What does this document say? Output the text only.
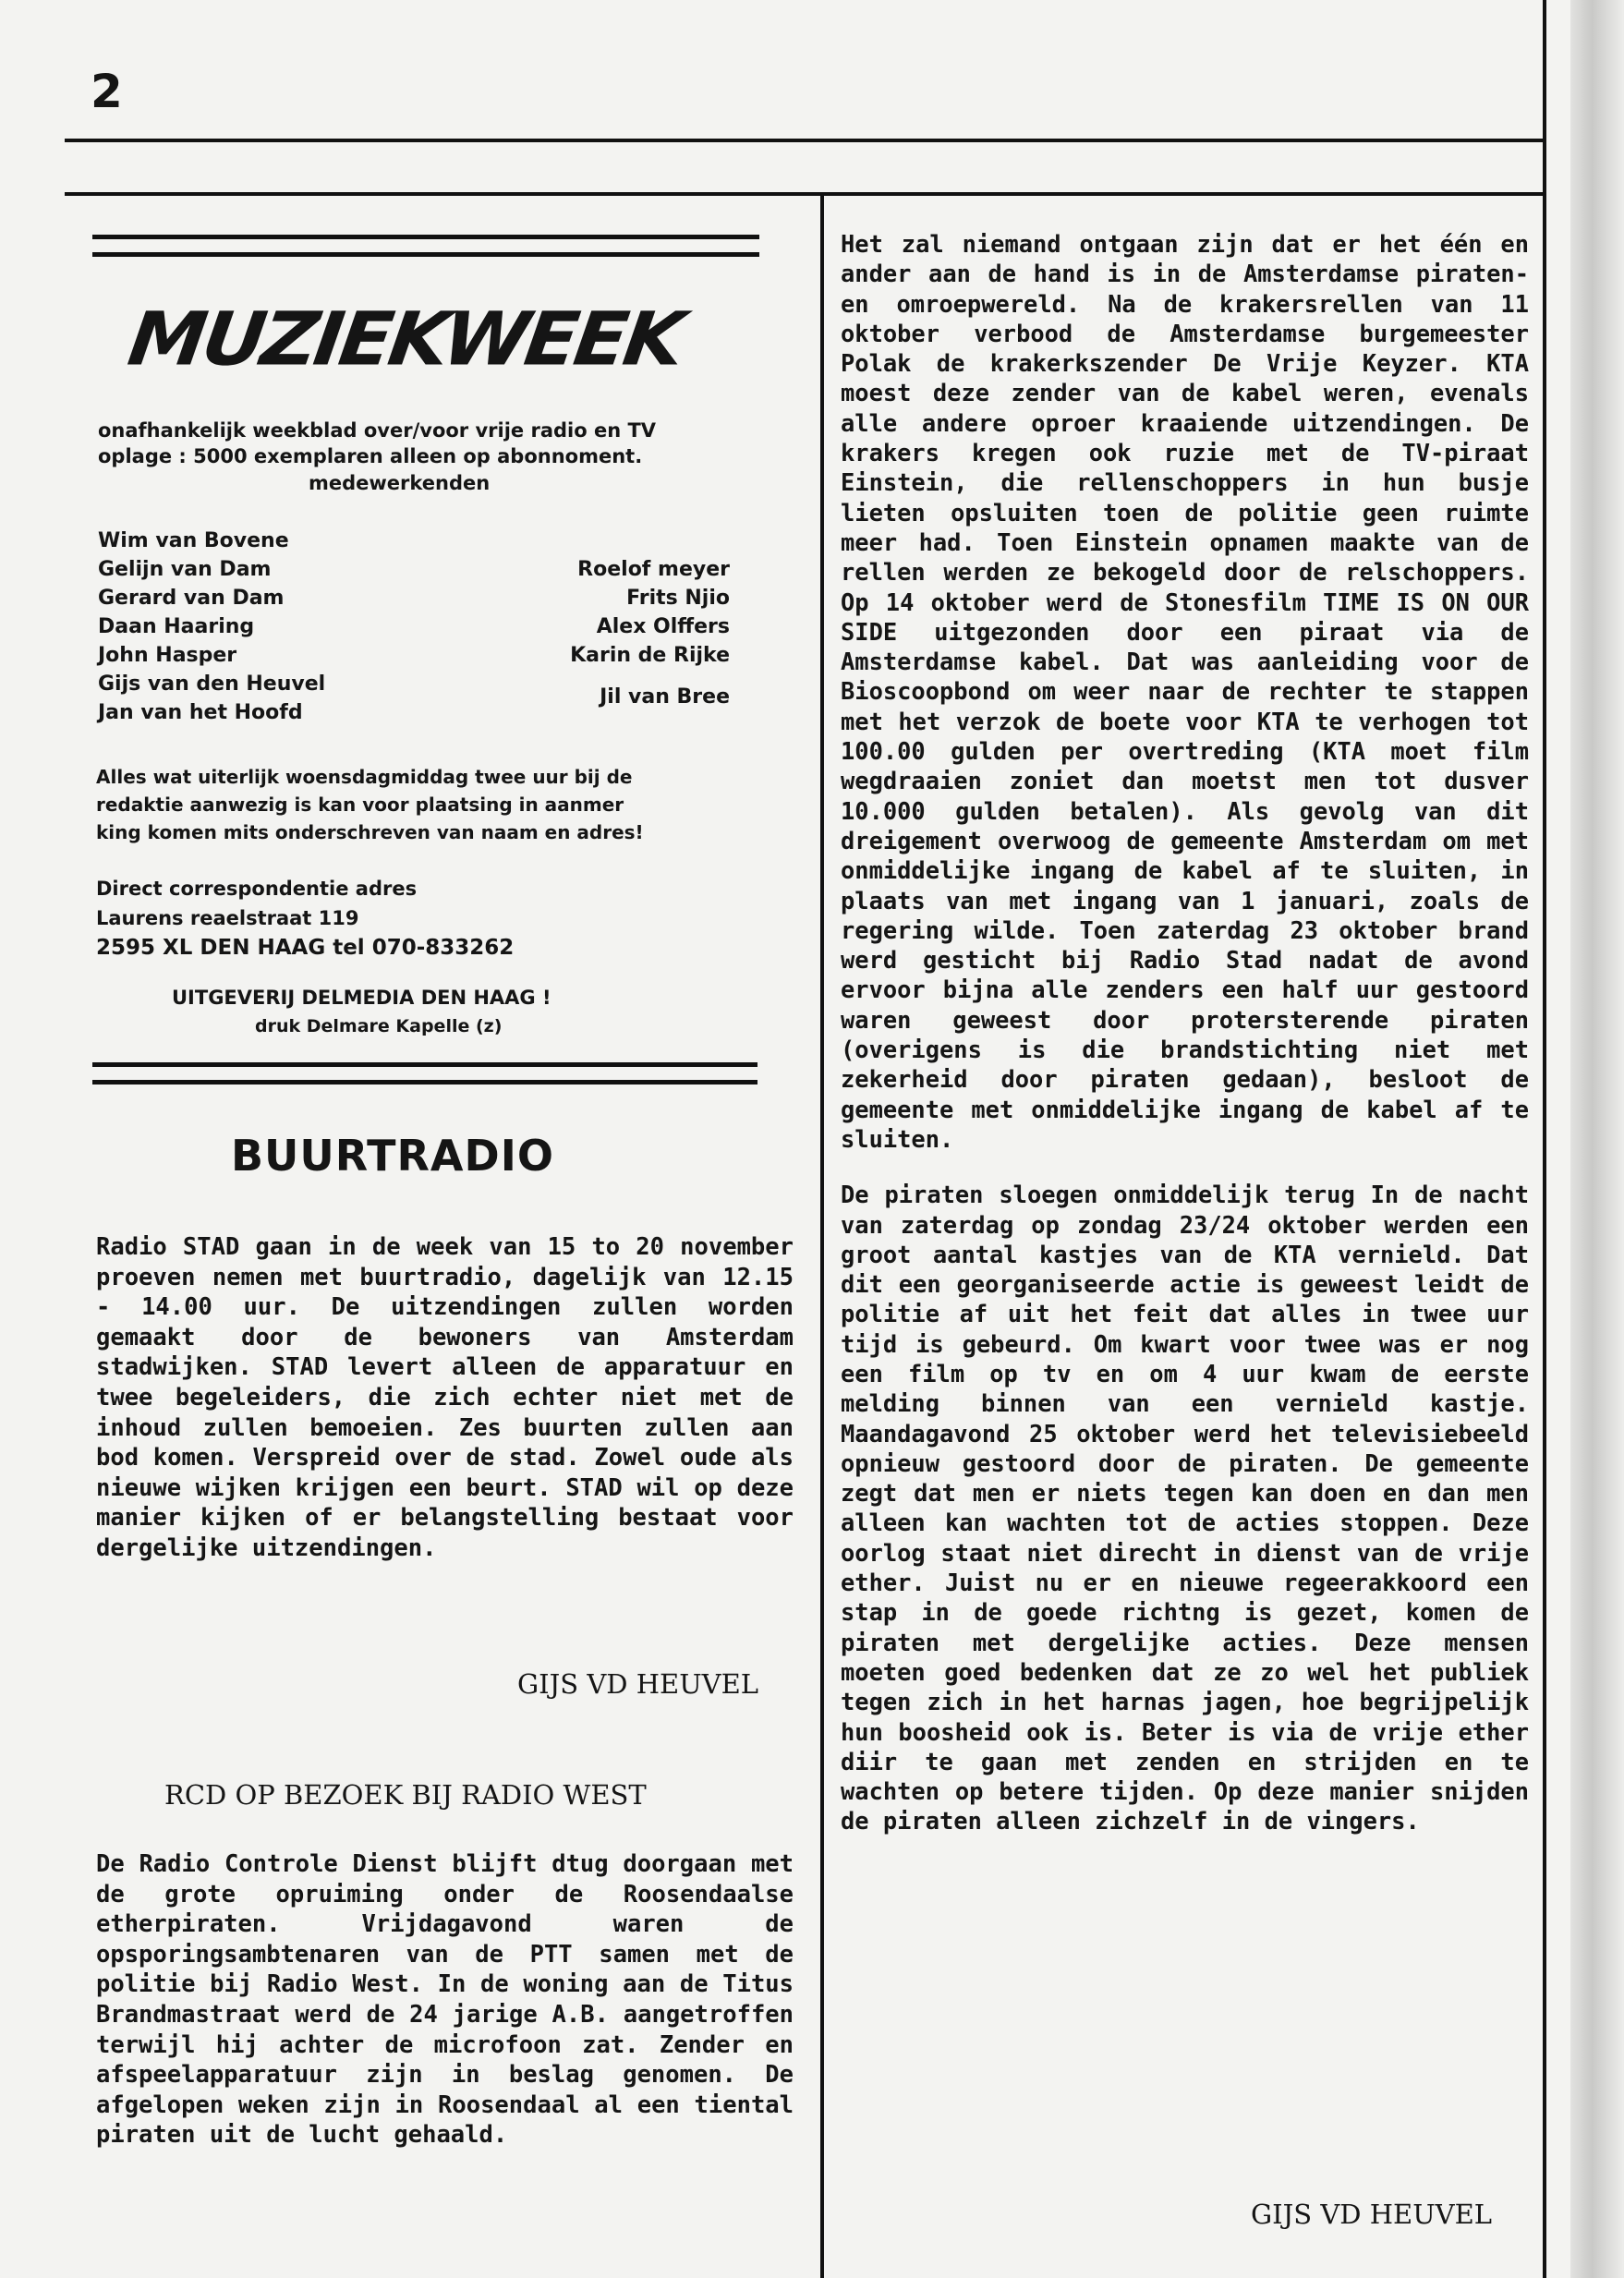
2
MUZIEKWEEK
onafhankelijk weekblad over/voor vrije radio en TV
oplage : 5000 exemplaren alleen op abonnoment.
medewerkenden
Wim van Bovene
Gelijn van Dam
Gerard van Dam
Daan Haaring
John Hasper
Gijs van den Heuvel
Jan van het Hoofd
Roelof meyer
Frits Njio
Alex Olffers
Karin de Rijke
Jil van Bree
Alles wat uiterlijk woensdagmiddag twee uur bij de
redaktie aanwezig is kan voor plaatsing in aanmer
king komen mits onderschreven van naam en adres!
Direct correspondentie adres
Laurens reaelstraat 119
2595 XL DEN HAAG tel 070-833262
UITGEVERIJ DELMEDIA DEN HAAG !
druk Delmare Kapelle (z)
BUURTRADIO
Radio STAD gaan in de week van 15 to 20 november proeven nemen met buurtradio, dagelijk van 12.15 - 14.00 uur. De uitzendingen zullen worden gemaakt door de bewoners van Amsterdam stadwijken. STAD levert alleen de apparatuur en twee begeleiders, die zich echter niet met de inhoud zullen bemoeien. Zes buurten zullen aan bod komen. Verspreid over de stad. Zowel oude als nieuwe wijken krijgen een beurt. STAD wil op deze manier kijken of er belangstelling bestaat voor dergelijke uitzendingen.
GIJS VD HEUVEL
RCD OP BEZOEK BIJ RADIO WEST
De Radio Controle Dienst blijft dtug doorgaan met de grote opruiming onder de Roosendaalse etherpiraten. Vrijdagavond waren de opsporingsambtenaren van de PTT samen met de politie bij Radio West. In de woning aan de Titus Brandmastraat werd de 24 jarige A.B. aangetroffen terwijl hij achter de microfoon zat. Zender en afspeelapparatuur zijn in beslag genomen. De afgelopen weken zijn in Roosendaal al een tiental piraten uit de lucht gehaald.

Het zal niemand ontgaan zijn dat er het één en ander aan de hand is in de Amsterdamse piraten- en omroepwereld. Na de krakersrellen van 11 oktober verbood de Amsterdamse burgemeester Polak de krakerkszender De Vrije Keyzer. KTA moest deze zender van de kabel weren, evenals alle andere oproer kraaiende uitzendingen. De krakers kregen ook ruzie met de TV-piraat Einstein, die rellenschoppers in hun busje lieten opsluiten toen de politie geen ruimte meer had. Toen Einstein opnamen maakte van de rellen werden ze bekogeld door de relschoppers. Op 14 oktober werd de Stonesfilm TIME IS ON OUR SIDE uitgezonden door een piraat via de Amsterdamse kabel. Dat was aanleiding voor de Bioscoopbond om weer naar de rechter te stappen met het verzok de boete voor KTA te verhogen tot 100.00 gulden per overtreding (KTA moet film wegdraaien zoniet dan moetst men tot dusver 10.000 gulden betalen). Als gevolg van dit dreigement overwoog de gemeente Amsterdam om met onmiddelijke ingang de kabel af te sluiten, in plaats van met ingang van 1 januari, zoals de regering wilde. Toen zaterdag 23 oktober brand werd gesticht bij Radio Stad nadat de avond ervoor bijna alle zenders een half uur gestoord waren geweest door protersterende piraten (overigens is die brandstichting niet met zekerheid door piraten gedaan), besloot de gemeente met onmiddelijke ingang de kabel af te sluiten.

De piraten sloegen onmiddelijk terug In de nacht van zaterdag op zondag 23/24 oktober werden een groot aantal kastjes van de KTA vernield. Dat dit een georganiseerde actie is geweest leidt de politie af uit het feit dat alles in twee uur tijd is gebeurd. Om kwart voor twee was er nog een film op tv en om 4 uur kwam de eerste melding binnen van een vernield kastje. Maandagavond 25 oktober werd het televisiebeeld opnieuw gestoord door de piraten. De gemeente zegt dat men er niets tegen kan doen en dan men alleen kan wachten tot de acties stoppen. Deze oorlog staat niet direcht in dienst van de vrije ether. Juist nu er en nieuwe regeerakkoord een stap in de goede richtng is gezet, komen de piraten met dergelijke acties. Deze mensen moeten goed bedenken dat ze zo wel het publiek tegen zich in het harnas jagen, hoe begrijpelijk hun boosheid ook is. Beter is via de vrije ether diir te gaan met zenden en strijden en te wachten op betere tijden. Op deze manier snijden de piraten alleen zichzelf in de vingers.

GIJS VD HEUVEL
